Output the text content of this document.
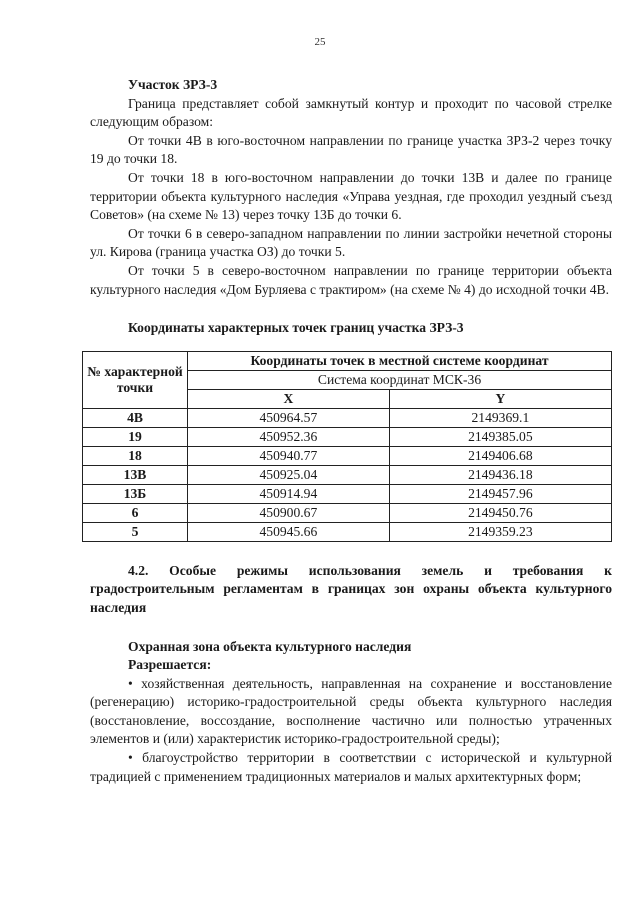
25
Участок ЗРЗ-3

Граница представляет собой замкнутый контур и проходит по часовой стрелке следующим образом:

От точки 4В в юго-восточном направлении по границе участка ЗРЗ-2 через точку 19 до точки 18.

От точки 18 в юго-восточном направлении до точки 13В и далее по границе территории объекта культурного наследия «Управа уездная, где проходил уездный съезд Советов» (на схеме № 13) через точку 13Б до точки 6.

От точки 6 в северо-западном направлении по линии застройки нечетной стороны ул. Кирова (граница участка ОЗ) до точки 5.

От точки 5 в северо-восточном направлении по границе территории объекта культурного наследия «Дом Бурляева с трактиром» (на схеме № 4) до исходной точки 4В.

Координаты характерных точек границ участка ЗРЗ-3
№ характерной точки	Координаты точек в местной системе координат	
	Система координат МСК-36	
	X	Y
4В	450964.57	2149369.1
19	450952.36	2149385.05
18	450940.77	2149406.68
13В	450925.04	2149436.18
13Б	450914.94	2149457.96
6	450900.67	2149450.76
5	450945.66	2149359.23
4.2. Особые режимы использования земель и требования к градостроительным регламентам в границах зон охраны объекта культурного наследия
Охранная зона объекта культурного наследия
Разрешается:

• хозяйственная деятельность, направленная на сохранение и восстановление (регенерацию) историко-градостроительной среды объекта культурного наследия (восстановление, воссоздание, восполнение частично или полностью утраченных элементов и (или) характеристик историко-градостроительной среды);

• благоустройство территории в соответствии с исторической и культурной традицией с применением традиционных материалов и малых архитектурных форм;
